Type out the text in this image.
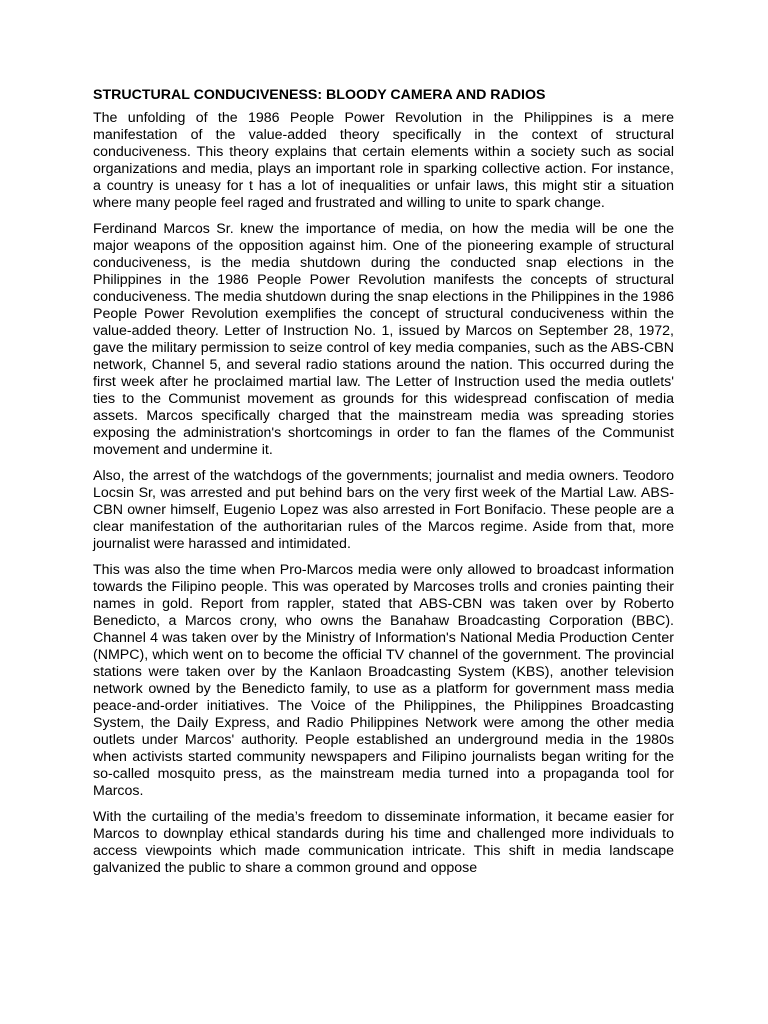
STRUCTURAL CONDUCIVENESS: BLOODY CAMERA AND RADIOS

The unfolding of the 1986 People Power Revolution in the Philippines is a mere manifestation of the value-added theory specifically in the context of structural conduciveness. This theory explains that certain elements within a society such as social organizations and media, plays an important role in sparking collective action. For instance, a country is uneasy for t has a lot of inequalities or unfair laws, this might stir a situation where many people feel raged and frustrated and willing to unite to spark change.

Ferdinand Marcos Sr. knew the importance of media, on how the media will be one the major weapons of the opposition against him. One of the pioneering example of structural conduciveness, is the media shutdown during the conducted snap elections in the Philippines in the 1986 People Power Revolution manifests the concepts of structural conduciveness. The media shutdown during the snap elections in the Philippines in the 1986 People Power Revolution exemplifies the concept of structural conduciveness within the value-added theory. Letter of Instruction No. 1, issued by Marcos on September 28, 1972, gave the military permission to seize control of key media companies, such as the ABS-CBN network, Channel 5, and several radio stations around the nation. This occurred during the first week after he proclaimed martial law. The Letter of Instruction used the media outlets' ties to the Communist movement as grounds for this widespread confiscation of media assets. Marcos specifically charged that the mainstream media was spreading stories exposing the administration's shortcomings in order to fan the flames of the Communist movement and undermine it.

Also, the arrest of the watchdogs of the governments; journalist and media owners. Teodoro Locsin Sr, was arrested and put behind bars on the very first week of the Martial Law. ABS-CBN owner himself, Eugenio Lopez was also arrested in Fort Bonifacio. These people are a clear manifestation of the authoritarian rules of the Marcos regime. Aside from that, more journalist were harassed and intimidated.

This was also the time when Pro-Marcos media were only allowed to broadcast information towards the Filipino people. This was operated by Marcoses trolls and cronies painting their names in gold. Report from rappler, stated that ABS-CBN was taken over by Roberto Benedicto, a Marcos crony, who owns the Banahaw Broadcasting Corporation (BBC). Channel 4 was taken over by the Ministry of Information's National Media Production Center (NMPC), which went on to become the official TV channel of the government. The provincial stations were taken over by the Kanlaon Broadcasting System (KBS), another television network owned by the Benedicto family, to use as a platform for government mass media peace-and-order initiatives. The Voice of the Philippines, the Philippines Broadcasting System, the Daily Express, and Radio Philippines Network were among the other media outlets under Marcos' authority. People established an underground media in the 1980s when activists started community newspapers and Filipino journalists began writing for the so-called mosquito press, as the mainstream media turned into a propaganda tool for Marcos.

With the curtailing of the media’s freedom to disseminate information, it became easier for Marcos to downplay ethical standards during his time and challenged more individuals to access viewpoints which made communication intricate. This shift in media landscape galvanized the public to share a common ground and oppose
